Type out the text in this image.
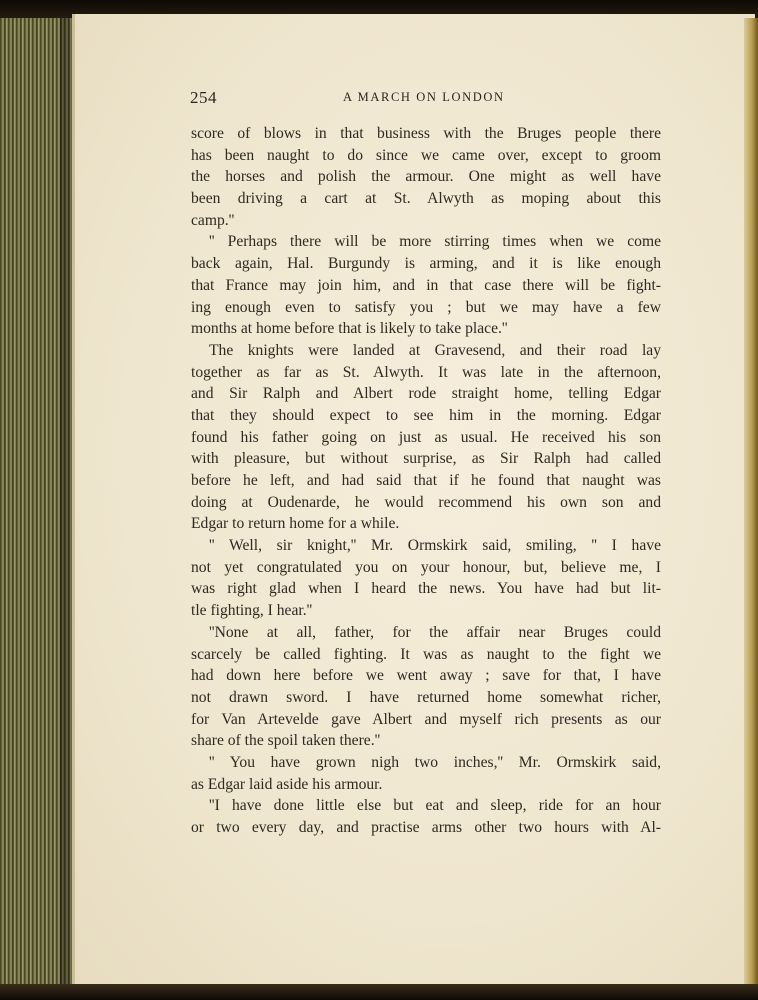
254	A MARCH ON LONDON
score of blows in that business with the Bruges people there
has been naught to do since we came over, except to groom
the horses and polish the armour. One might as well have
been driving a cart at St. Alwyth as moping about this
camp.''
'' Perhaps there will be more stirring times when we come
back again, Hal. Burgundy is arming, and it is like enough
that France may join him, and in that case there will be fight-
ing enough even to satisfy you ; but we may have a few
months at home before that is likely to take place.''
The knights were landed at Gravesend, and their road lay
together as far as St. Alwyth. It was late in the afternoon,
and Sir Ralph and Albert rode straight home, telling Edgar
that they should expect to see him in the morning. Edgar
found his father going on just as usual. He received his son
with pleasure, but without surprise, as Sir Ralph had called
before he left, and had said that if he found that naught was
doing at Oudenarde, he would recommend his own son and
Edgar to return home for a while.
'' Well, sir knight,'' Mr. Ormskirk said, smiling, '' I have
not yet congratulated you on your honour, but, believe me, I
was right glad when I heard the news. You have had but lit-
tle fighting, I hear.''
''None at all, father, for the affair near Bruges could
scarcely be called fighting. It was as naught to the fight we
had down here before we went away ; save for that, I have
not drawn sword. I have returned home somewhat richer,
for Van Artevelde gave Albert and myself rich presents as our
share of the spoil taken there.''
'' You have grown nigh two inches,'' Mr. Ormskirk said,
as Edgar laid aside his armour.
''I have done little else but eat and sleep, ride for an hour
or two every day, and practise arms other two hours with Al-
